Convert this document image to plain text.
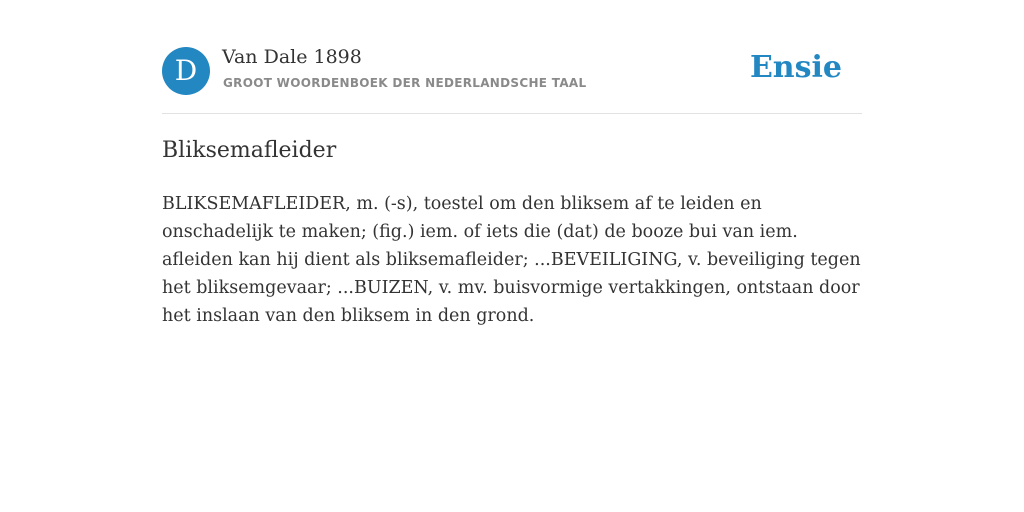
D	Van Dale 1898
GROOT WOORDENBOEK DER NEDERLANDSCHE TAAL	Ensie
Bliksemafleider

BLIKSEMAFLEIDER, m. (-s), toestel om den bliksem af te leiden en onschadelijk te maken; (fig.) iem. of iets die (dat) de booze bui van iem. afleiden kan hij dient als bliksemafleider; ...BEVEILIGING, v. beveiliging tegen het bliksemgevaar; ...BUIZEN, v. mv. buisvormige vertakkingen, ontstaan door het inslaan van den bliksem in den grond.
